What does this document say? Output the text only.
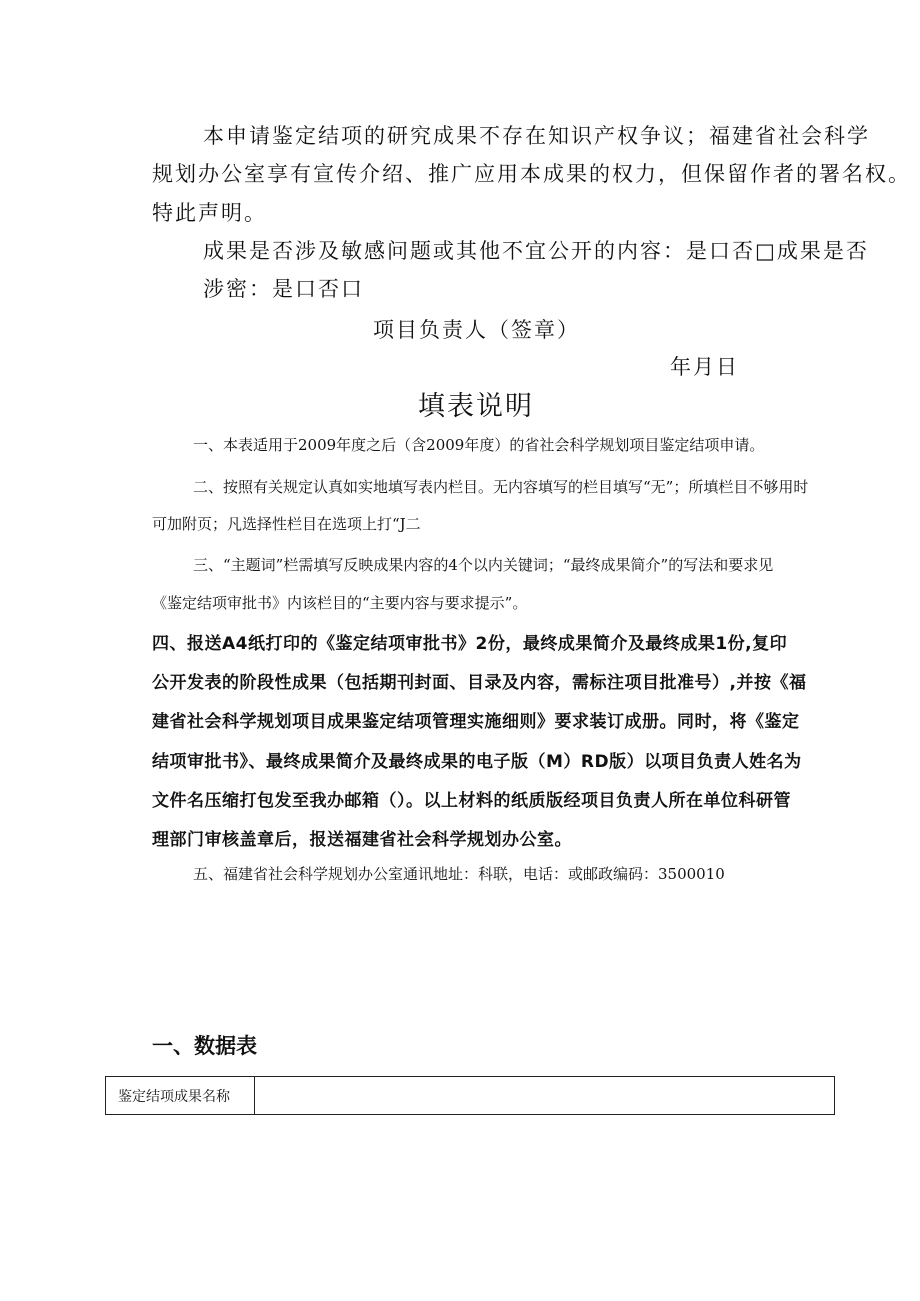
本申请鉴定结项的研究成果不存在知识产权争议；福建省社会科学
规划办公室享有宣传介绍、推广应用本成果的权力，但保留作者的署名权。
特此声明。
成果是否涉及敏感问题或其他不宜公开的内容：是口否□成果是否
涉密：是口否口
项目负责人（签章）
年月日
填表说明
一、本表适用于2009年度之后（含2009年度）的省社会科学规划项目鉴定结项申请。
二、按照有关规定认真如实地填写表内栏目。无内容填写的栏目填写“无”；所填栏目不够用时
可加附页；凡选择性栏目在选项上打“J二
三、“主题词”栏需填写反映成果内容的4个以内关键词；“最终成果简介”的写法和要求见
《鉴定结项审批书》内该栏目的“主要内容与要求提示”。
四、报送A4纸打印的《鉴定结项审批书》2份，最终成果简介及最终成果1份,复印
公开发表的阶段性成果（包括期刊封面、目录及内容，需标注项目批准号）,并按《福
建省社会科学规划项目成果鉴定结项管理实施细则》要求装订成册。同时，将《鉴定
结项审批书》、最终成果简介及最终成果的电子版（M）RD版）以项目负责人姓名为
文件名压缩打包发至我办邮箱（）。以上材料的纸质版经项目负责人所在单位科研管
理部门审核盖章后，报送福建省社会科学规划办公室。
五、福建省社会科学规划办公室通讯地址：科联，电话：或邮政编码：3500010
一、数据表
鉴定结项成果名称	
